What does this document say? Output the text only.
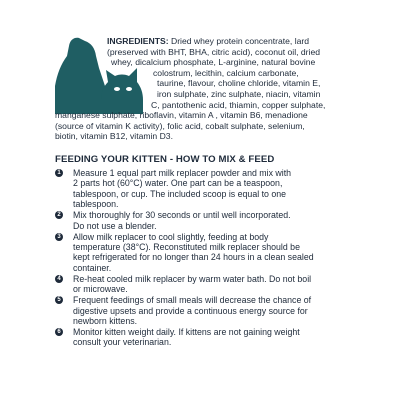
INGREDIENTS: Dried whey protein concentrate, lard
(preserved with BHT, BHA, citric acid), coconut oil, dried
whey, dicalcium phosphate, L-arginine, natural bovine
colostrum, lecithin, calcium carbonate,
taurine, flavour, choline chloride, vitamin E,
iron sulphate, zinc sulphate, niacin, vitamin
C, pantothenic acid, thiamin, copper sulphate,
manganese sulphate, riboflavin, vitamin A , vitamin B6, menadione
(source of vitamin K activity), folic acid, cobalt sulphate, selenium,
biotin, vitamin B12, vitamin D3.
FEEDING YOUR KITTEN - HOW TO MIX & FEED
1 Measure 1 equal part milk replacer powder and mix with
2 parts hot (60°C) water. One part can be a teaspoon,
tablespoon, or cup. The included scoop is equal to one
tablespoon.
2 Mix thoroughly for 30 seconds or until well incorporated.
Do not use a blender.
3 Allow milk replacer to cool slightly, feeding at body
temperature (38°C). Reconstituted milk replacer should be
kept refrigerated for no longer than 24 hours in a clean sealed
container.
4 Re-heat cooled milk replacer by warm water bath. Do not boil
or microwave.
5 Frequent feedings of small meals will decrease the chance of
digestive upsets and provide a continuous energy source for
newborn kittens.
6 Monitor kitten weight daily. If kittens are not gaining weight
consult your veterinarian.
